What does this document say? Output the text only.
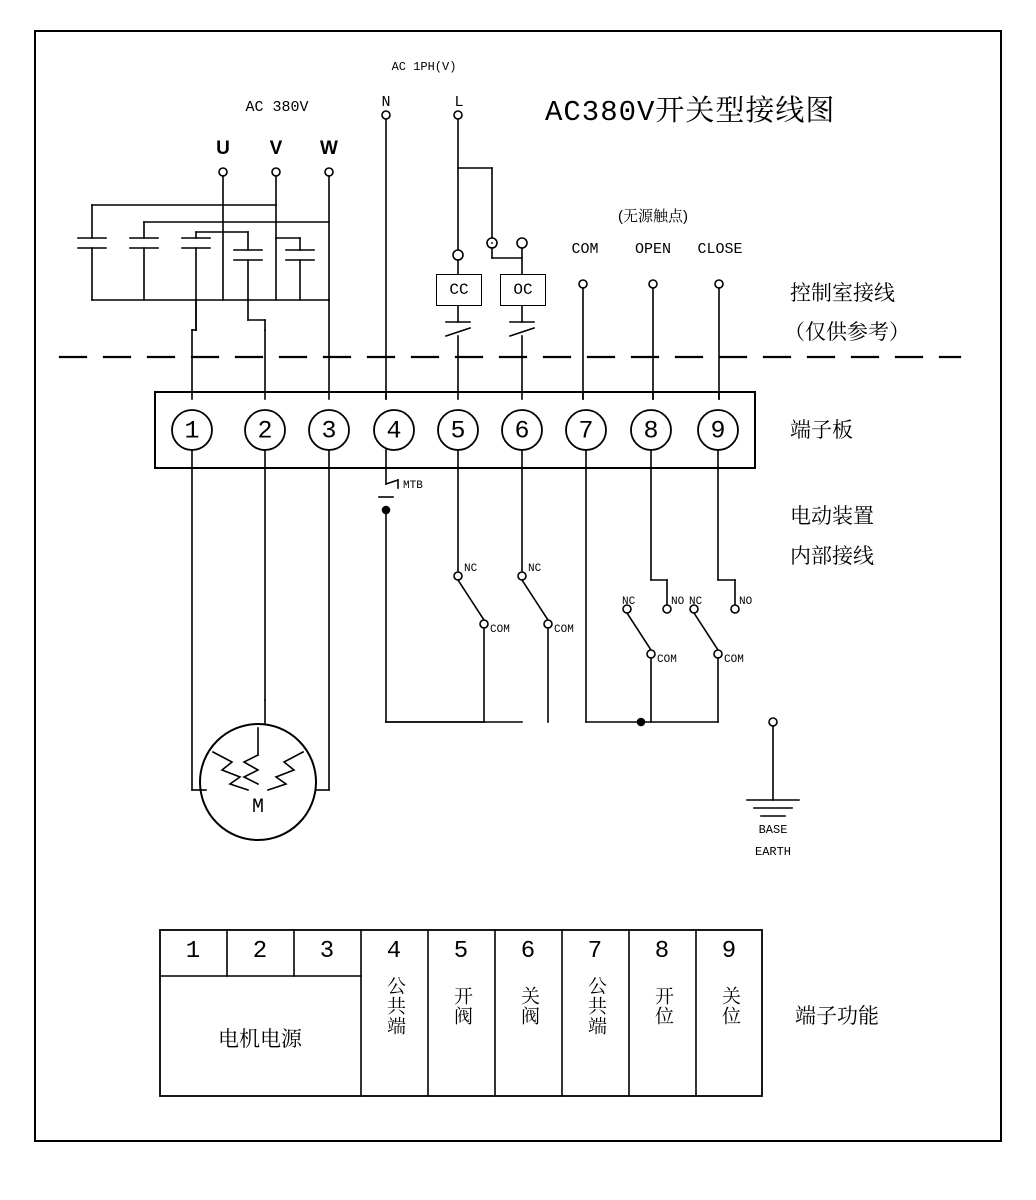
AC380V开关型接线图
AC 380V
U V W
AC 1PH(V)
N	L
(无源触点)
COM OPEN CLOSE
CC	OC	控制室接线
（仅供参考）
端子板
电动装置
内部接线
端子功能
1 2 3 4 5 6 7 8 9
MTB
NC
COM
NC
COM
NC	NO
COM
NC	NO
COM
M
BASE
EARTH
1 2 3 4 5 6 7 8 9
电机电源
公共端 开阀 关阀 公共端 开位 关位
